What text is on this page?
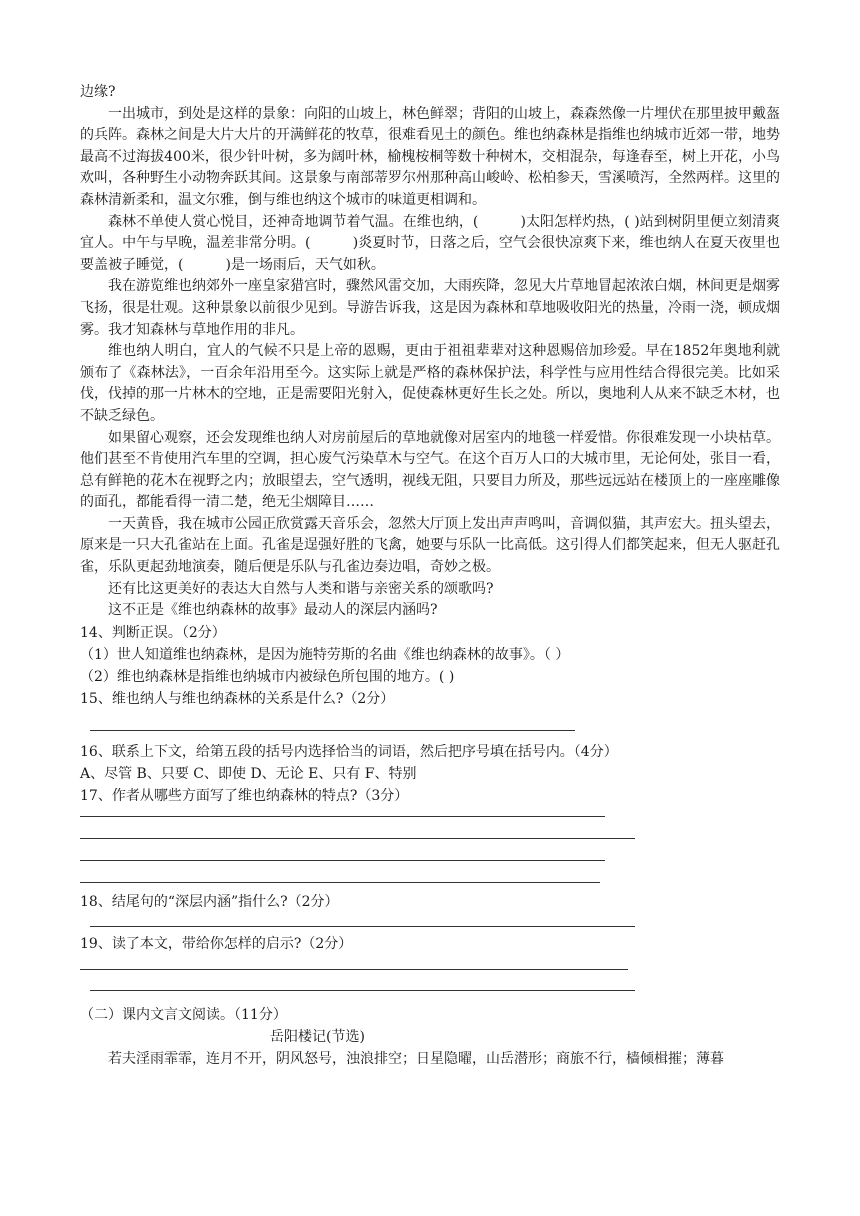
边缘?

一出城市，到处是这样的景象：向阳的山坡上，林色鲜翠；背阳的山坡上，森森然像一片埋伏在那里披甲戴盔的兵阵。森林之间是大片大片的开满鲜花的牧草，很难看见土的颜色。维也纳森林是指维也纳城市近郊一带，地势最高不过海拔400米，很少针叶树，多为阔叶林，榆槐桉桐等数十种树木，交相混杂，每逢春至，树上开花，小鸟欢叫，各种野生小动物奔跃其间。这景象与南部蒂罗尔州那种高山峻岭、松柏参天，雪溪喷泻，全然两样。这里的森林清新柔和，温文尔雅，倒与维也纳这个城市的味道更相调和。

森林不单使人赏心悦目，还神奇地调节着气温。在维也纳，(　　　)太阳怎样灼热，( )站到树阴里便立刻清爽宜人。中午与早晚，温差非常分明。(　　　)炎夏时节，日落之后，空气会很快凉爽下来，维也纳人在夏天夜里也要盖被子睡觉，(　　　)是一场雨后，天气如秋。

我在游览维也纳郊外一座皇家猎宫时，骤然风雷交加，大雨疾降，忽见大片草地冒起浓浓白烟，林间更是烟雾飞扬，很是壮观。这种景象以前很少见到。导游告诉我，这是因为森林和草地吸收阳光的热量，冷雨一浇，顿成烟雾。我才知森林与草地作用的非凡。

维也纳人明白，宜人的气候不只是上帝的恩赐，更由于祖祖辈辈对这种恩赐倍加珍爱。早在1852年奥地利就颁布了《森林法》，一百余年沿用至今。这实际上就是严格的森林保护法，科学性与应用性结合得很完美。比如采伐，伐掉的那一片林木的空地，正是需要阳光射入，促使森林更好生长之处。所以，奥地利人从来不缺乏木材，也不缺乏绿色。

如果留心观察，还会发现维也纳人对房前屋后的草地就像对居室内的地毯一样爱惜。你很难发现一小块枯草。他们甚至不肯使用汽车里的空调，担心废气污染草木与空气。在这个百万人口的大城市里，无论何处，张目一看，总有鲜艳的花木在视野之内；放眼望去，空气透明，视线无阻，只要目力所及，那些远远站在楼顶上的一座座雕像的面孔，都能看得一清二楚，绝无尘烟障目……

一天黄昏，我在城市公园正欣赏露天音乐会，忽然大厅顶上发出声声鸣叫，音调似猫，其声宏大。扭头望去，原来是一只大孔雀站在上面。孔雀是逞强好胜的飞禽，她要与乐队一比高低。这引得人们都笑起来，但无人驱赶孔雀，乐队更起劲地演奏，随后便是乐队与孔雀边奏边唱，奇妙之极。

还有比这更美好的表达大自然与人类和谐与亲密关系的颂歌吗?

这不正是《维也纳森林的故事》最动人的深层内涵吗?

14、判断正误。（2分）

（1）世人知道维也纳森林，是因为施特劳斯的名曲《维也纳森林的故事》。（ ）

（2）维也纳森林是指维也纳城市内被绿色所包围的地方。( )

15、维也纳人与维也纳森林的关系是什么?（2分）

16、联系上下文，给第五段的括号内选择恰当的词语，然后把序号填在括号内。（4分）

A、尽管 B、只要 C、即使 D、无论 E、只有 F、特别

17、作者从哪些方面写了维也纳森林的特点?（3分）

18、结尾句的“深层内涵”指什么?（2分）

19、读了本文，带给你怎样的启示?（2分）

（二）课内文言文阅读。（11分）

岳阳楼记(节选)

若夫淫雨霏霏，连月不开，阴风怒号，浊浪排空；日星隐曜，山岳潜形；商旅不行，樯倾楫摧；薄暮
